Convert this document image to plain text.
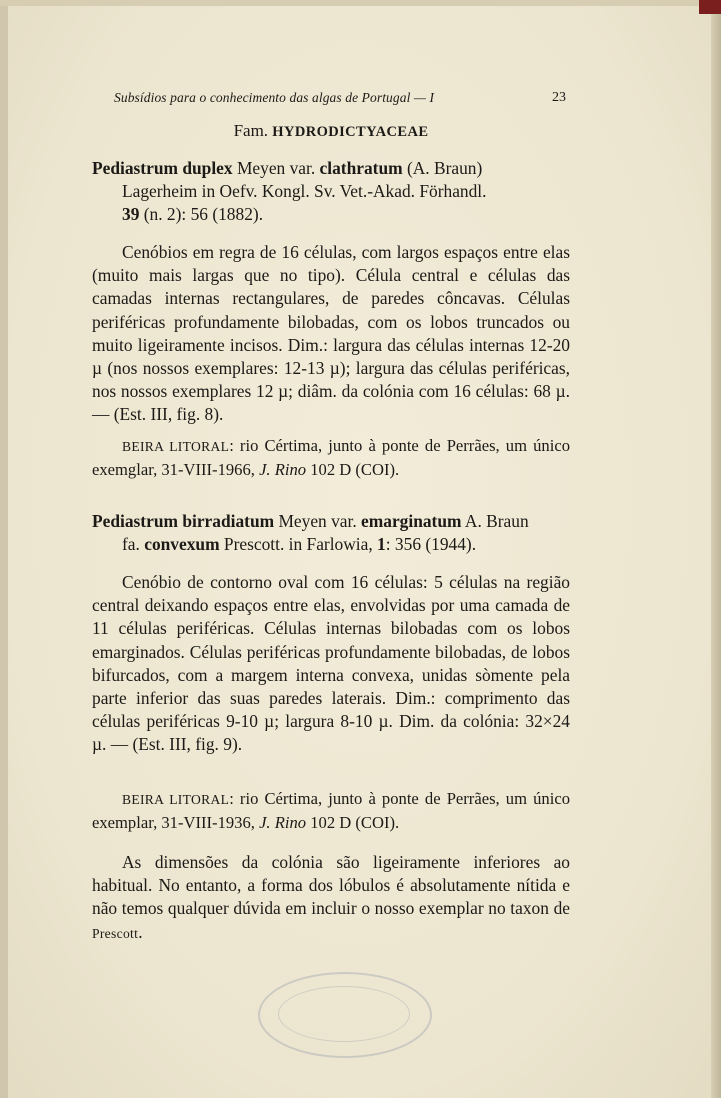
Subsídios para o conhecimento das algas de Portugal — I	23
Fam. HYDRODICTYACEAE
Pediastrum duplex Meyen var. clathratum (A. Braun)
Lagerheim in Oefv. Kongl. Sv. Vet.-Akad. Förhandl.
39 (n. 2): 56 (1882).
Cenóbios em regra de 16 células, com largos espaços entre elas (muito mais largas que no tipo). Célula central e células das camadas internas rectangulares, de paredes côncavas. Células periféricas profundamente bilobadas, com os lobos truncados ou muito ligeiramente incisos. Dim.: largura das células internas 12-20 µ (nos nossos exemplares: 12-13 µ); largura das células periféricas, nos nossos exemplares 12 µ; diâm. da colónia com 16 células: 68 µ. — (Est. III, fig. 8).
BEIRA LITORAL: rio Cértima, junto à ponte de Perrães, um único exemglar, 31-VIII-1966, J. Rino 102 D (COI).
Pediastrum birradiatum Meyen var. emarginatum A. Braun
fa. convexum Prescott. in Farlowia, 1: 356 (1944).
Cenóbio de contorno oval com 16 células: 5 células na região central deixando espaços entre elas, envolvidas por uma camada de 11 células periféricas. Células internas bilobadas com os lobos emarginados. Células periféricas profundamente bilobadas, de lobos bifurcados, com a margem interna convexa, unidas sòmente pela parte inferior das suas paredes laterais. Dim.: comprimento das células periféricas 9-10 µ; largura 8-10 µ. Dim. da colónia: 32×24 µ. — (Est. III, fig. 9).
BEIRA LITORAL: rio Cértima, junto à ponte de Perrães, um único exemplar, 31-VIII-1936, J. Rino 102 D (COI).
As dimensões da colónia são ligeiramente inferiores ao habitual. No entanto, a forma dos lóbulos é absolutamente nítida e não temos qualquer dúvida em incluir o nosso exemplar no taxon de Prescott.
